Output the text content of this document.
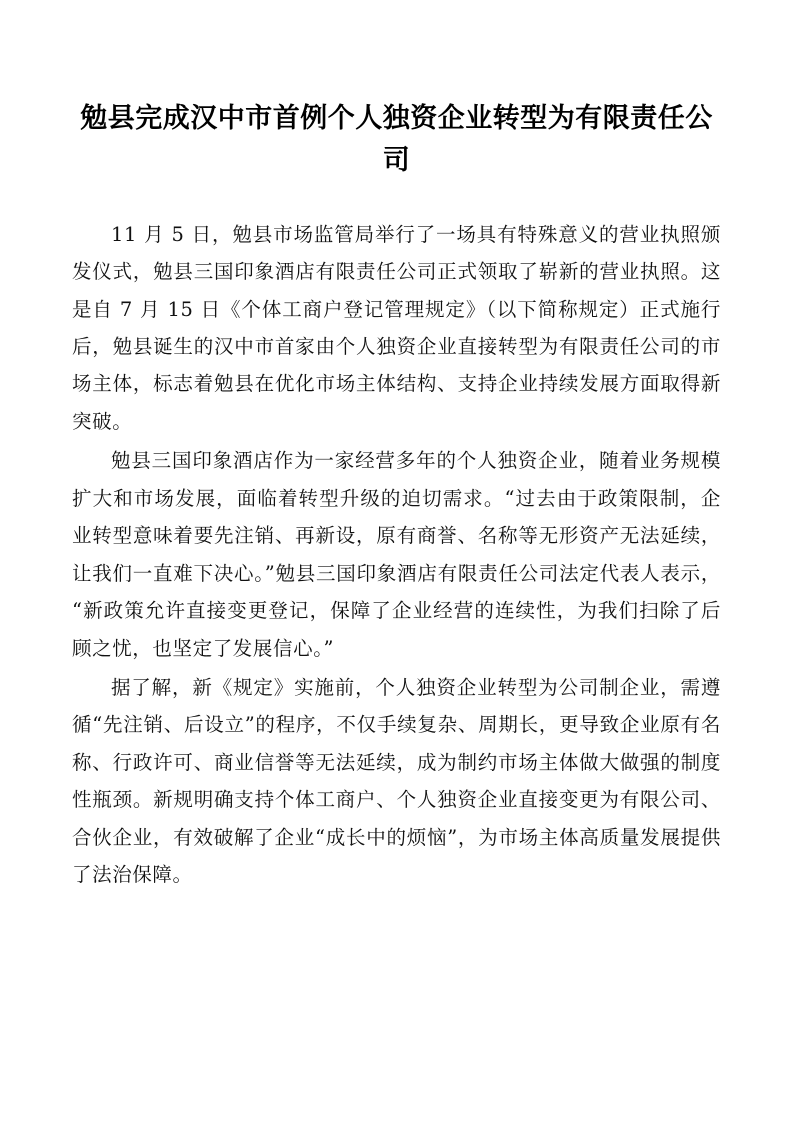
勉县完成汉中市首例个人独资企业转型为有限责任公司

11 月 5 日，勉县市场监管局举行了一场具有特殊意义的营业执照颁发仪式，勉县三国印象酒店有限责任公司正式领取了崭新的营业执照。这是自 7 月 15 日《个体工商户登记管理规定》（以下简称规定）正式施行后，勉县诞生的汉中市首家由个人独资企业直接转型为有限责任公司的市场主体，标志着勉县在优化市场主体结构、支持企业持续发展方面取得新突破。

勉县三国印象酒店作为一家经营多年的个人独资企业，随着业务规模扩大和市场发展，面临着转型升级的迫切需求。“过去由于政策限制，企业转型意味着要先注销、再新设，原有商誉、名称等无形资产无法延续，让我们一直难下决心。”勉县三国印象酒店有限责任公司法定代表人表示，“新政策允许直接变更登记，保障了企业经营的连续性，为我们扫除了后顾之忧，也坚定了发展信心。”

据了解，新《规定》实施前，个人独资企业转型为公司制企业，需遵循“先注销、后设立”的程序，不仅手续复杂、周期长，更导致企业原有名称、行政许可、商业信誉等无法延续，成为制约市场主体做大做强的制度性瓶颈。新规明确支持个体工商户、个人独资企业直接变更为有限公司、合伙企业，有效破解了企业“成长中的烦恼”，为市场主体高质量发展提供了法治保障。
